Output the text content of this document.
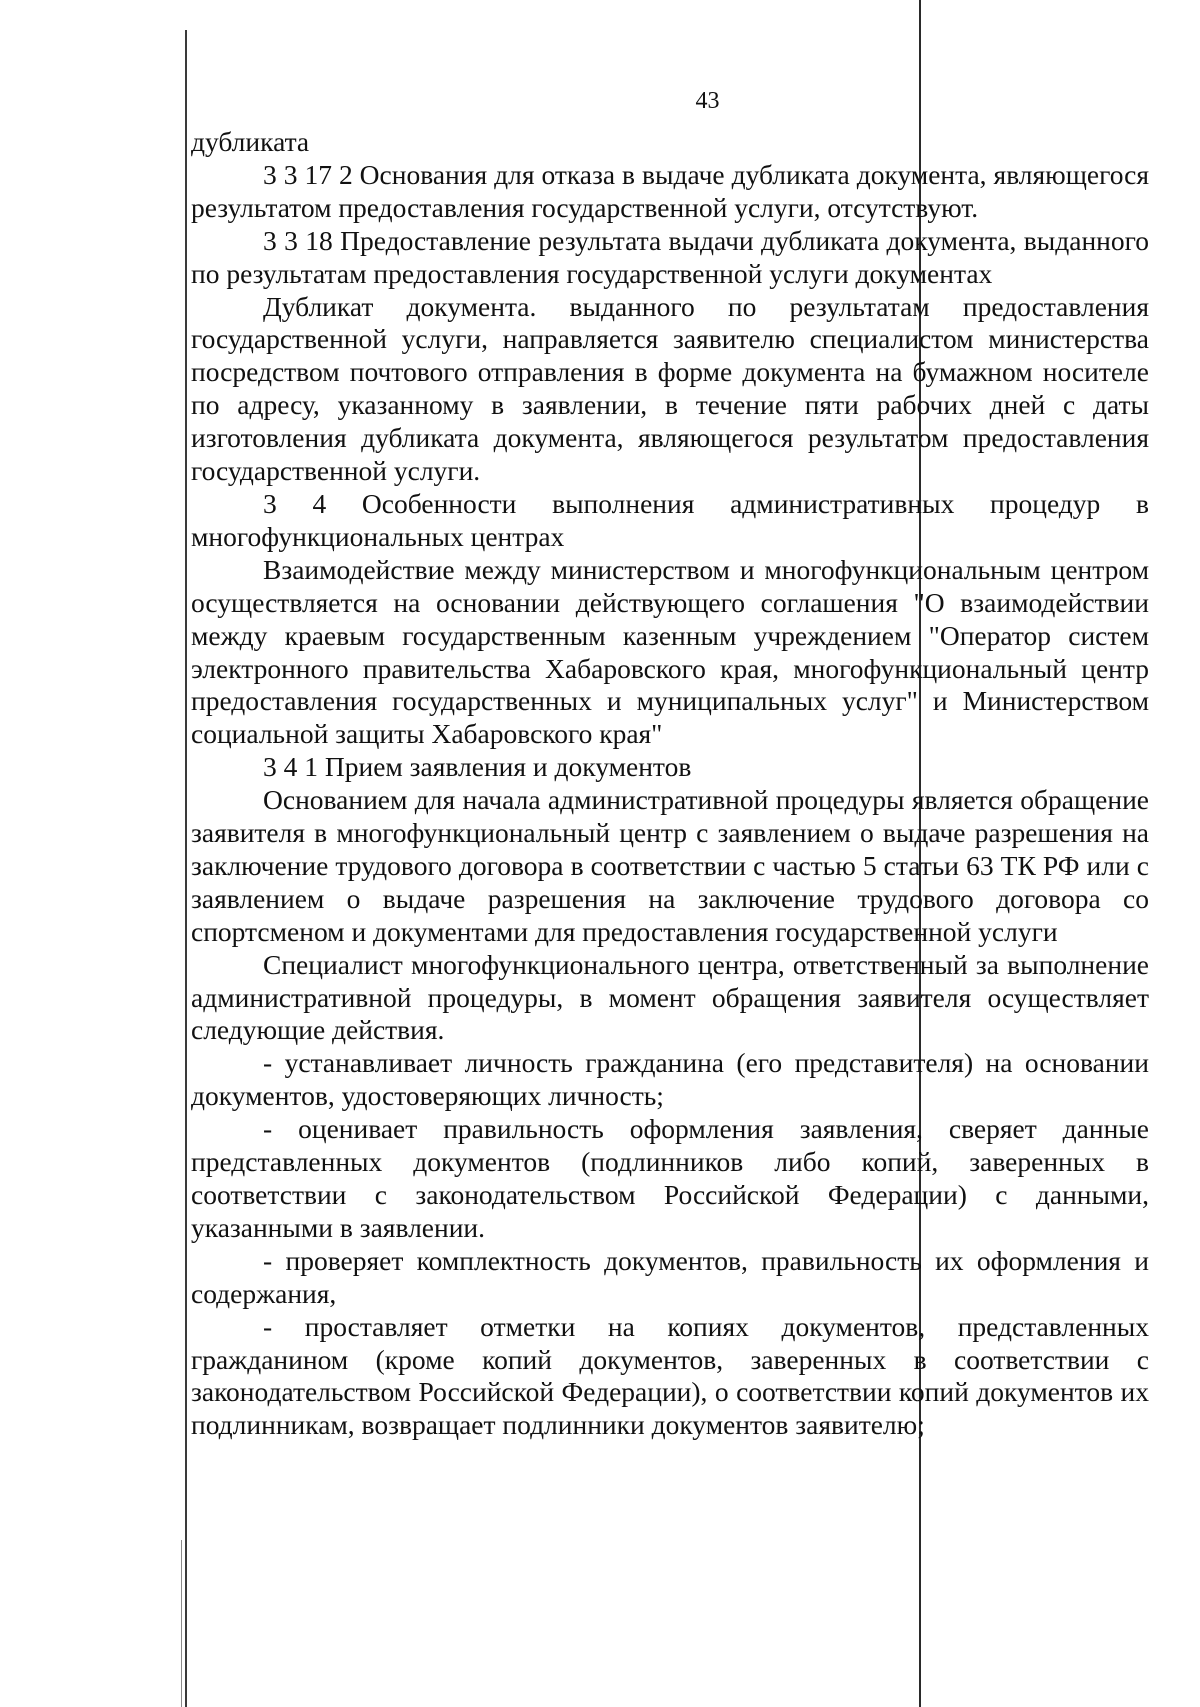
43

дубликата

3 3 17 2 Основания для отказа в выдаче дубликата документа, являющегося результатом предоставления государственной услуги, отсутствуют.

3 3 18 Предоставление результата выдачи дубликата документа, выданного по результатам предоставления государственной услуги документах

Дубликат документа. выданного по результатам предоставления государственной услуги, направляется заявителю специалистом министерства посредством почтового отправления в форме документа на бумажном носителе по адресу, указанному в заявлении, в течение пяти рабочих дней с даты изготовления дубликата документа, являющегося результатом предоставления государственной услуги.

3 4 Особенности выполнения административных процедур в многофункциональных центрах

Взаимодействие между министерством и многофункциональным центром осуществляется на основании действующего соглашения "О взаимодействии между краевым государственным казенным учреждением "Оператор систем электронного правительства Хабаровского края, многофункциональный центр предоставления государственных и муниципальных услуг" и Министерством социальной защиты Хабаровского края"

3 4 1 Прием заявления и документов

Основанием для начала административной процедуры является обращение заявителя в многофункциональный центр с заявлением о выдаче разрешения на заключение трудового договора в соответствии с частью 5 статьи 63 ТК РФ или с заявлением о выдаче разрешения на заключение трудового договора со спортсменом и документами для предоставления государственной услуги

Специалист многофункционального центра, ответственный за выполнение административной процедуры, в момент обращения заявителя осуществляет следующие действия.

- устанавливает личность гражданина (его представителя) на основании документов, удостоверяющих личность;

- оценивает правильность оформления заявления, сверяет данные представленных документов (подлинников либо копий, заверенных в соответствии с законодательством Российской Федерации) с данными, указанными в заявлении.

- проверяет комплектность документов, правильность их оформления и содержания,

- проставляет отметки на копиях документов, представленных гражданином (кроме копий документов, заверенных в соответствии с законодательством Российской Федерации), о соответствии копий документов их подлинникам, возвращает подлинники документов заявителю;
